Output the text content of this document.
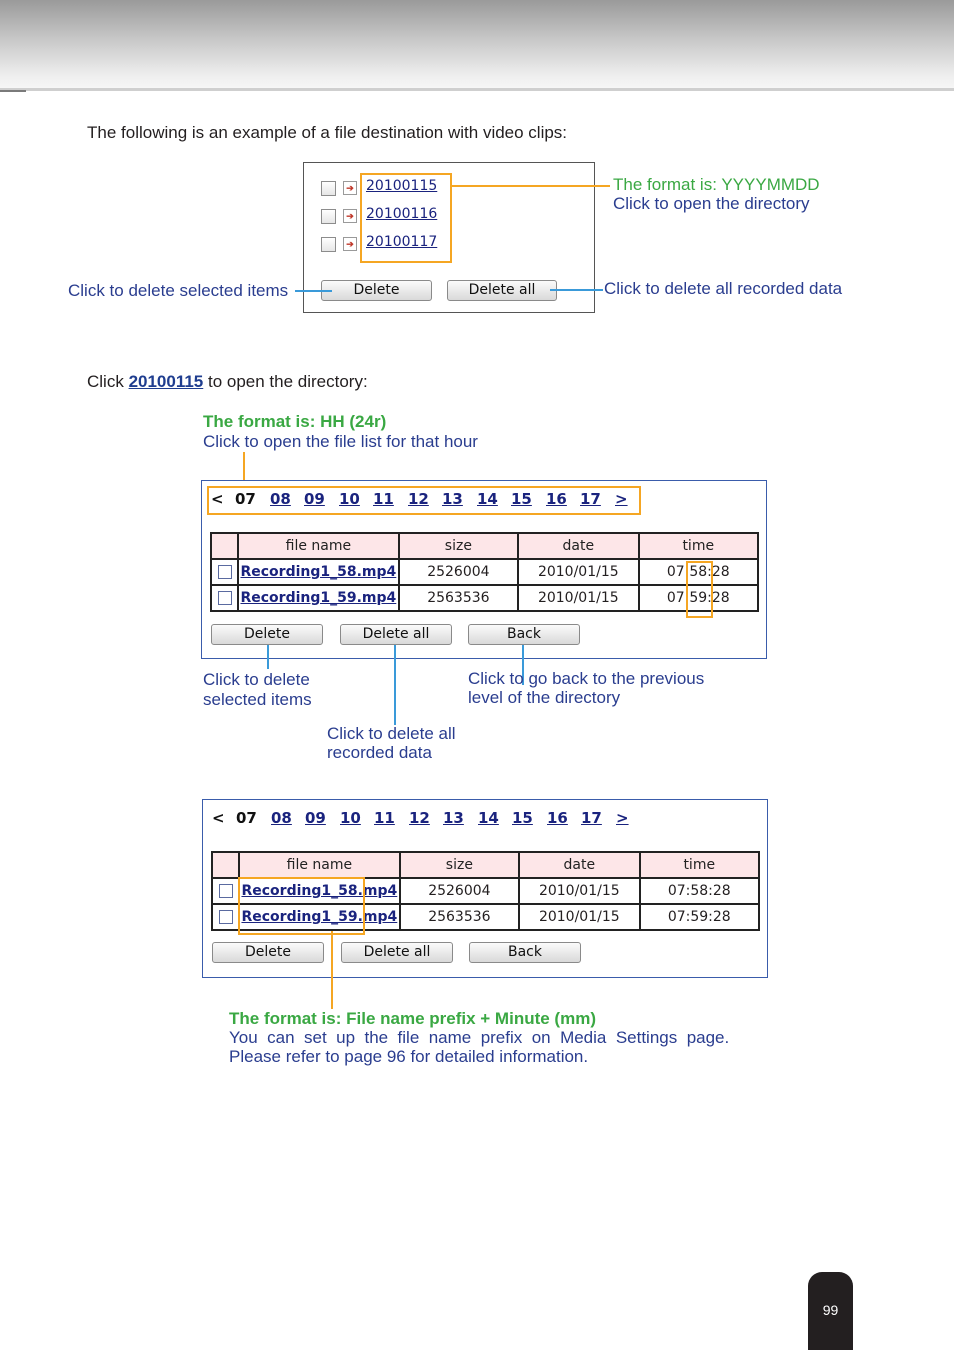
The following is an example of a file destination with video clips:
➔ 20100115
➔ 20100116
➔ 20100117
Delete	Delete all
The format is: YYYYMMDD
Click to open the directory
Click to delete selected items	Click to delete all recorded data
Click 20100115 to open the directory:
The format is: HH (24r)
Click to open the file list for that hour
< 07 08 09 10 11 12 13 14 15 16 17 >
	file name	size	date	time

	Recording1_58.mp4	2526004	2010/01/15	07:58:28

	Recording1_59.mp4	2563536	2010/01/15	07:59:28
Delete	Delete all	Back
Click to delete
selected items
Click to go back to the previous
level of the directory
Click to delete all
recorded data
< 07 08 09 10 11 12 13 14 15 16 17 >
	file name	size	date	time

	Recording1_58.mp4	2526004	2010/01/15	07:58:28

	Recording1_59.mp4	2563536	2010/01/15	07:59:28
Delete	Delete all	Back
The format is: File name prefix + Minute (mm)
You  can  set  up  the  file  name  prefix  on  Media  Settings  page.
Please refer to page 96 for detailed information.
99
